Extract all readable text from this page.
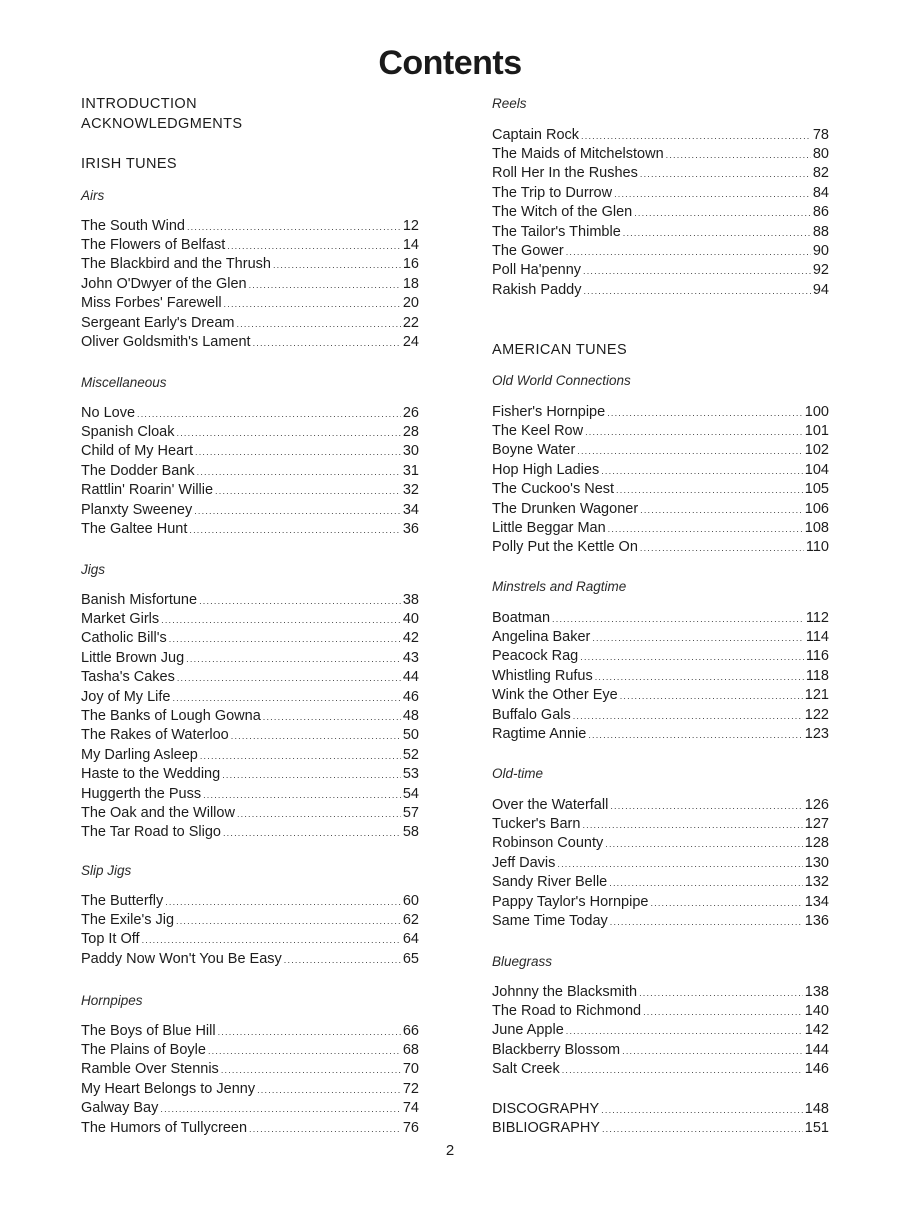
Contents
INTRODUCTION
ACKNOWLEDGMENTS
IRISH TUNES
Airs
The South Wind .....	12
The Flowers of Belfast .....	14
The Blackbird and the Thrush .....	16
John O'Dwyer of the Glen .....	18
Miss Forbes' Farewell .....	20
Sergeant Early's Dream .....	22
Oliver Goldsmith's Lament .....	24
Miscellaneous
No Love .....	26
Spanish Cloak .....	28
Child of My Heart .....	30
The Dodder Bank .....	31
Rattlin' Roarin' Willie .....	32
Planxty Sweeney .....	34
The Galtee Hunt .....	36
Jigs
Banish Misfortune .....	38
Market Girls .....	40
Catholic Bill's .....	42
Little Brown Jug .....	43
Tasha's Cakes .....	44
Joy of My Life .....	46
The Banks of Lough Gowna .....	48
The Rakes of Waterloo .....	50
My Darling Asleep .....	52
Haste to the Wedding .....	53
Huggerth the Puss .....	54
The Oak and the Willow .....	57
The Tar Road to Sligo .....	58
Slip Jigs
The Butterfly .....	60
The Exile's Jig .....	62
Top It Off .....	64
Paddy Now Won't You Be Easy .....	65
Hornpipes
The Boys of Blue Hill .....	66
The Plains of Boyle .....	68
Ramble Over Stennis .....	70
My Heart Belongs to Jenny .....	72
Galway Bay .....	74
The Humors of Tullycreen .....	76
Reels
Captain Rock .....	78
The Maids of Mitchelstown .....	80
Roll Her In the Rushes .....	82
The Trip to Durrow .....	84
The Witch of the Glen .....	86
The Tailor's Thimble .....	88
The Gower .....	90
Poll Ha'penny .....	92
Rakish Paddy .....	94
AMERICAN TUNES
Old World Connections
Fisher's Hornpipe .....	100
The Keel Row .....	101
Boyne Water .....	102
Hop High Ladies .....	104
The Cuckoo's Nest .....	105
The Drunken Wagoner .....	106
Little Beggar Man .....	108
Polly Put the Kettle On .....	110
Minstrels and Ragtime
Boatman .....	112
Angelina Baker .....	114
Peacock Rag .....	116
Whistling Rufus .....	118
Wink the Other Eye .....	121
Buffalo Gals .....	122
Ragtime Annie .....	123
Old-time
Over the Waterfall .....	126
Tucker's Barn .....	127
Robinson County .....	128
Jeff Davis .....	130
Sandy River Belle .....	132
Pappy Taylor's Hornpipe .....	134
Same Time Today .....	136
Bluegrass
Johnny the Blacksmith .....	138
The Road to Richmond .....	140
June Apple .....	142
Blackberry Blossom .....	144
Salt Creek .....	146
DISCOGRAPHY .....	148
BIBLIOGRAPHY .....	151
2
